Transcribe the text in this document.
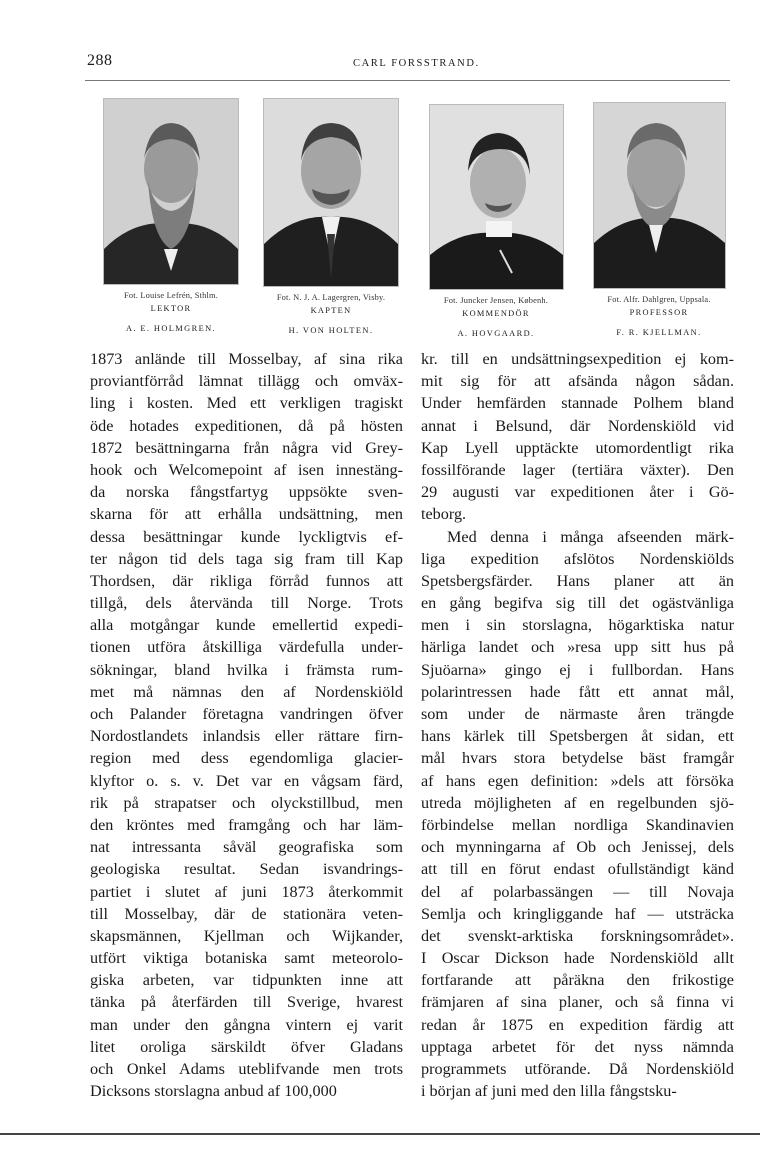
288	CARL FORSSTRAND.
Fot. Louise Lefrén, Sthlm.
LEKTOR
A. E. HOLMGREN.
Fot. N. J. A. Lagergren, Visby.
KAPTEN
H. VON HOLTEN.
Fot. Juncker Jensen, Københ.
KOMMENDÖR
A. HOVGAARD.
Fot. Alfr. Dahlgren, Uppsala.
PROFESSOR
F. R. KJELLMAN.
1873 anlände till Mosselbay, af sina rika
proviantförråd lämnat tillägg och omväx-
ling i kosten. Med ett verkligen tragiskt
öde hotades expeditionen, då på hösten
1872 besättningarna från några vid Grey-
hook och Welcomepoint af isen innestäng-
da norska fångstfartyg uppsökte sven-
skarna för att erhålla undsättning, men
dessa besättningar kunde lyckligtvis ef-
ter någon tid dels taga sig fram till Kap
Thordsen, där rikliga förråd funnos att
tillgå, dels återvända till Norge. Trots
alla motgångar kunde emellertid expedi-
tionen utföra åtskilliga värdefulla under-
sökningar, bland hvilka i främsta rum-
met må nämnas den af Nordenskiöld
och Palander företagna vandringen öfver
Nordostlandets inlandsis eller rättare firn-
region med dess egendomliga glacier-
klyftor o. s. v. Det var en vågsam färd,
rik på strapatser och olyckstillbud, men
den kröntes med framgång och har läm-
nat intressanta såväl geografiska som
geologiska resultat. Sedan isvandrings-
partiet i slutet af juni 1873 återkommit
till Mosselbay, där de stationära veten-
skapsmännen, Kjellman och Wijkander,
utfört viktiga botaniska samt meteorolo-
giska arbeten, var tidpunkten inne att
tänka på återfärden till Sverige, hvarest
man under den gångna vintern ej varit
litet oroliga särskildt öfver Gladans
och Onkel Adams uteblifvande men trots
Dicksons storslagna anbud af 100,000
kr. till en undsättningsexpedition ej kom-
mit sig för att afsända någon sådan.
Under hemfärden stannade Polhem bland
annat i Belsund, där Nordenskiöld vid
Kap Lyell upptäckte utomordentligt rika
fossilförande lager (tertiära växter). Den
29 augusti var expeditionen åter i Gö-
teborg.
Med denna i många afseenden märk-
liga expedition afslötos Nordenskiölds
Spetsbergsfärder. Hans planer att än
en gång begifva sig till det ogästvänliga
men i sin storslagna, högarktiska natur
härliga landet och »resa upp sitt hus på
Sjuöarna» gingo ej i fullbordan. Hans
polarintressen hade fått ett annat mål,
som under de närmaste åren trängde
hans kärlek till Spetsbergen åt sidan, ett
mål hvars stora betydelse bäst framgår
af hans egen definition: »dels att försöka
utreda möjligheten af en regelbunden sjö-
förbindelse mellan nordliga Skandinavien
och mynningarna af Ob och Jenissej, dels
att till en förut endast ofullständigt känd
del af polarbassängen — till Novaja
Semlja och kringliggande haf — utsträcka
det svenskt-arktiska forskningsområdet».
I Oscar Dickson hade Nordenskiöld allt
fortfarande att påräkna den frikostige
främjaren af sina planer, och så finna vi
redan år 1875 en expedition färdig att
upptaga arbetet för det nyss nämnda
programmets utförande. Då Nordenskiöld
i början af juni med den lilla fångstsku-
